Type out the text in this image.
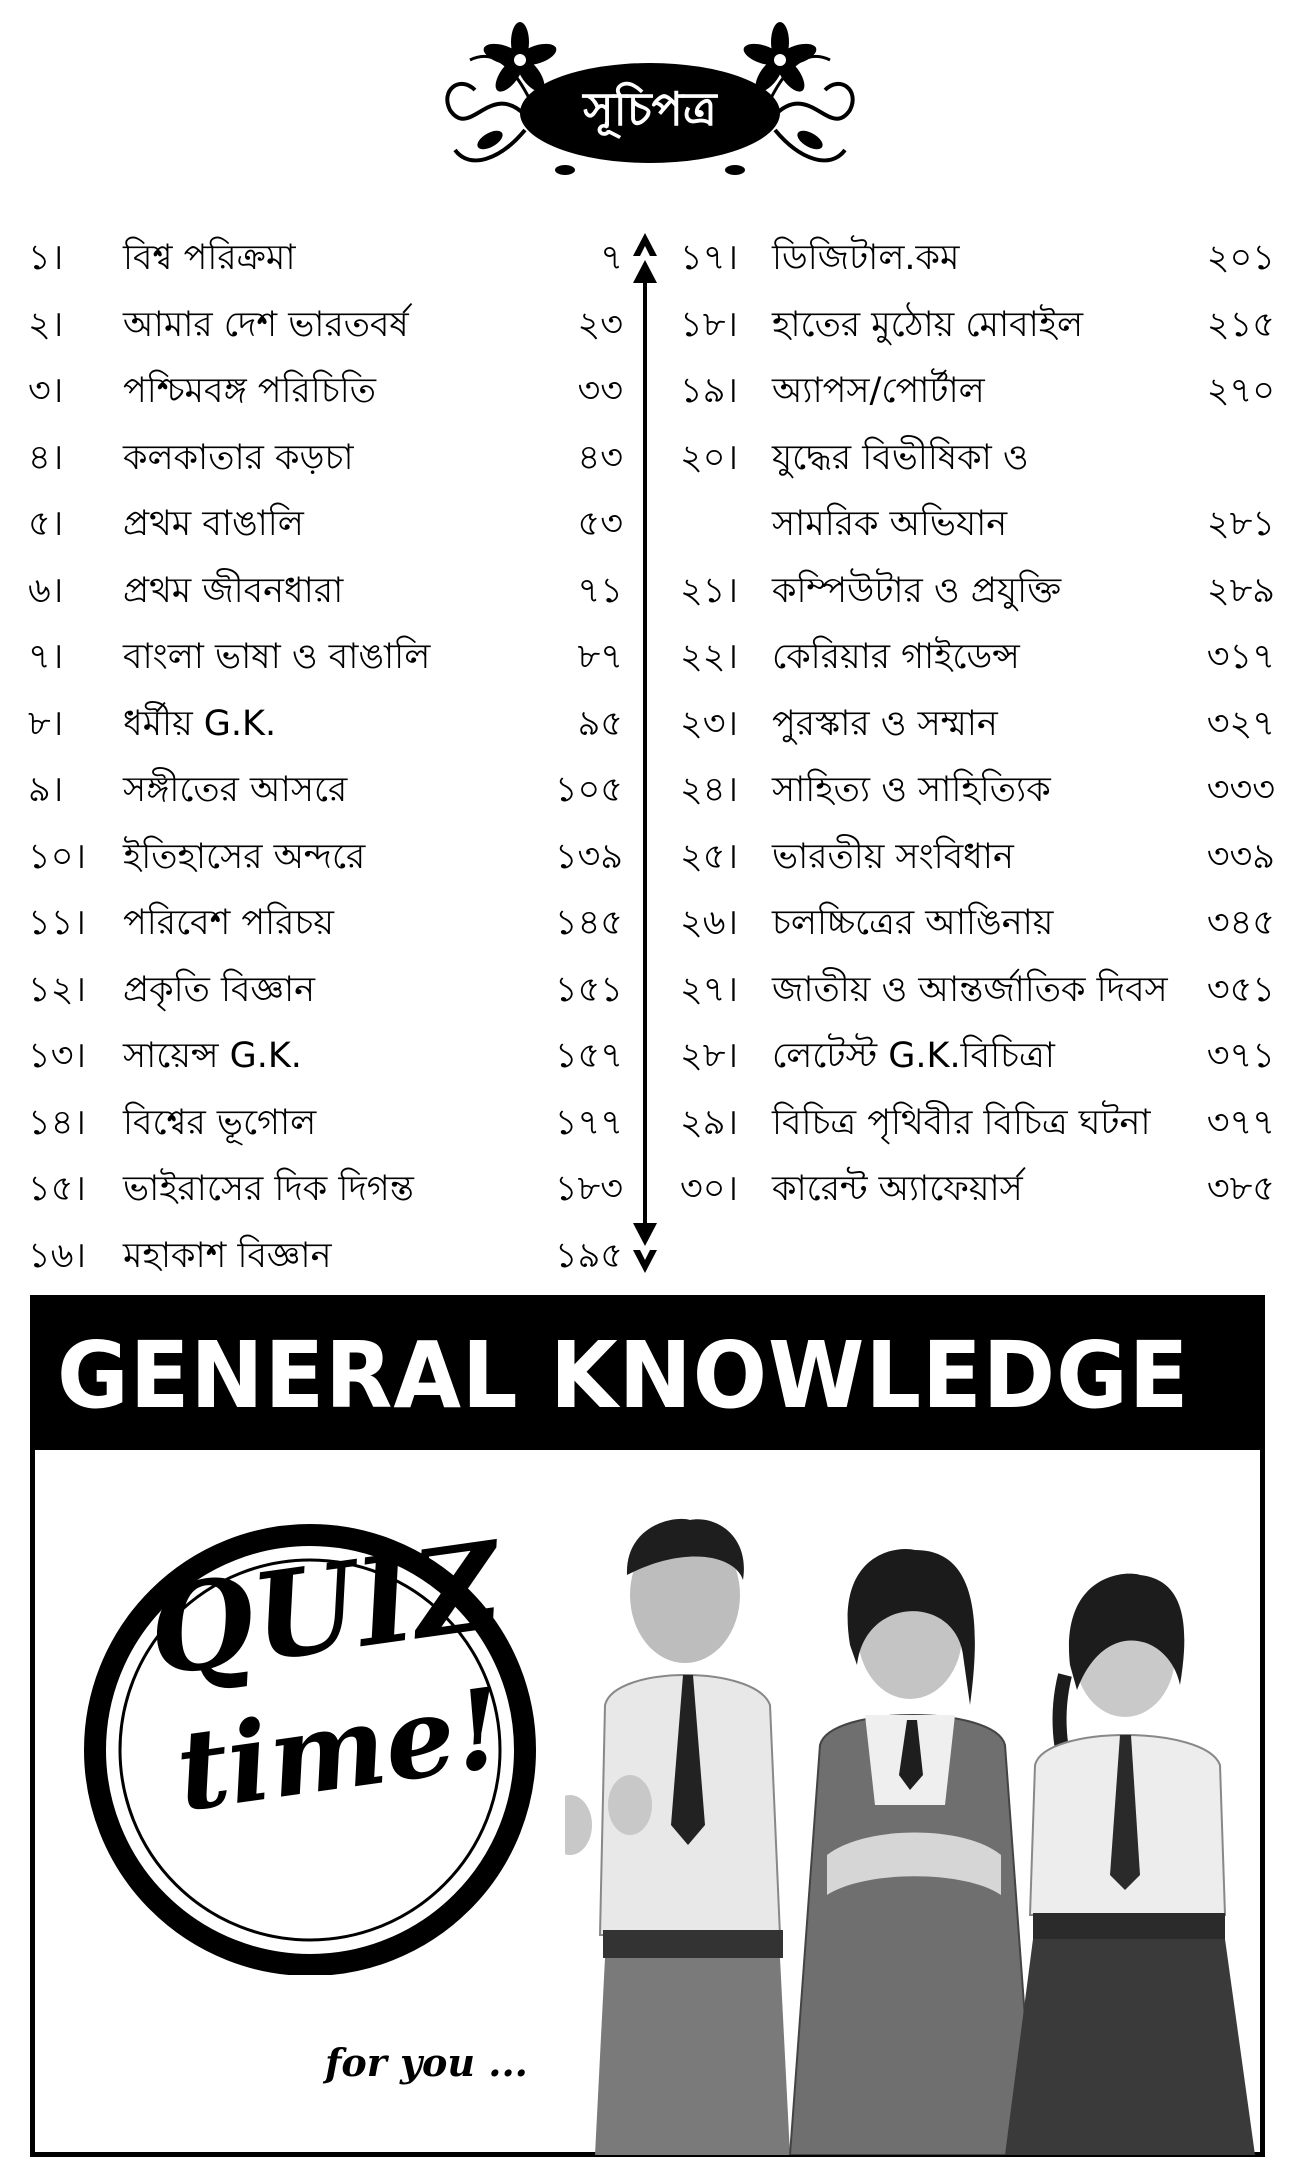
সূচিপত্র
১। বিশ্ব পরিক্রমা	৭
২। আমার দেশ ভারতবর্ষ	২৩
৩। পশ্চিমবঙ্গ পরিচিতি	৩৩
৪। কলকাতার কড়চা	৪৩
৫। প্রথম বাঙালি	৫৩
৬। প্রথম জীবনধারা	৭১
৭। বাংলা ভাষা ও বাঙালি	৮৭
৮। ধর্মীয় G.K.	৯৫
৯। সঙ্গীতের আসরে	১০৫
১০। ইতিহাসের অন্দরে	১৩৯
১১। পরিবেশ পরিচয়	১৪৫
১২। প্রকৃতি বিজ্ঞান	১৫১
১৩। সায়েন্স G.K.	১৫৭
১৪। বিশ্বের ভূগোল	১৭৭
১৫। ভাইরাসের দিক দিগন্ত	১৮৩
১৬। মহাকাশ বিজ্ঞান	১৯৫
১৭। ডিজিটাল.কম	২০১
১৮। হাতের মুঠোয় মোবাইল	২১৫
১৯। অ্যাপস/পোর্টাল	২৭০
২০। যুদ্ধের বিভীষিকা ও
সামরিক অভিযান	২৮১
২১। কম্পিউটার ও প্রযুক্তি	২৮৯
২২। কেরিয়ার গাইডেন্স	৩১৭
২৩। পুরস্কার ও সম্মান	৩২৭
২৪। সাহিত্য ও সাহিত্যিক	৩৩৩
২৫। ভারতীয় সংবিধান	৩৩৯
২৬। চলচ্চিত্রের আঙিনায়	৩৪৫
২৭। জাতীয় ও আন্তর্জাতিক দিবস ৩৫১
২৮। লেটেস্ট G.K.বিচিত্রা	৩৭১
২৯। বিচিত্র পৃথিবীর বিচিত্র ঘটনা ৩৭৭
৩০। কারেন্ট অ্যাফেয়ার্স	৩৮৫
GENERAL KNOWLEDGE
QUIZ
time!
for you ...
